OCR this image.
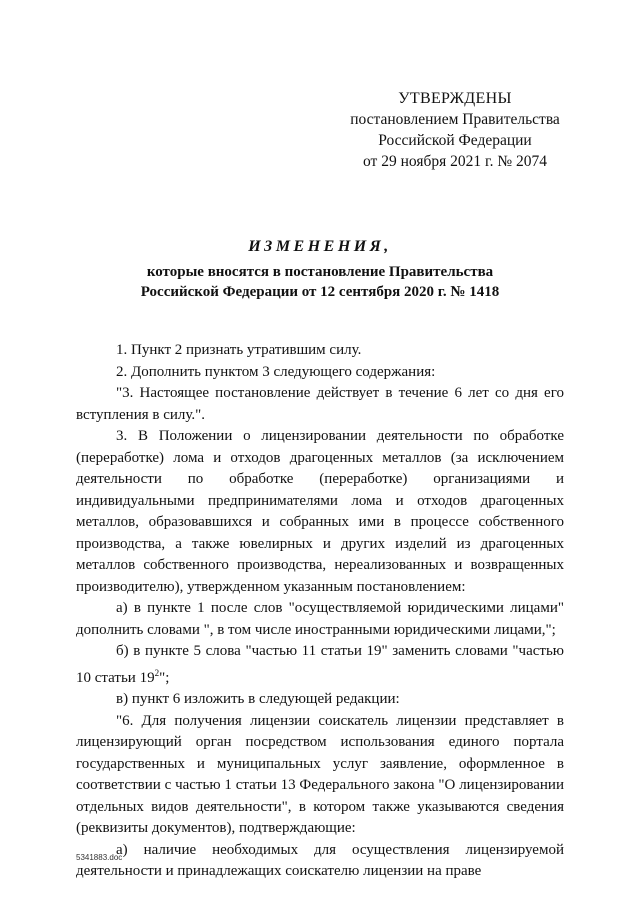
УТВЕРЖДЕНЫ
постановлением Правительства
Российской Федерации
от 29 ноября 2021 г. № 2074
ИЗМЕНЕНИЯ,
которые вносятся в постановление Правительства
Российской Федерации от 12 сентября 2020 г. № 1418
1. Пункт 2 признать утратившим силу.
2. Дополнить пунктом 3 следующего содержания:
"3. Настоящее постановление действует в течение 6 лет со дня его вступления в силу.".
3. В Положении о лицензировании деятельности по обработке (переработке) лома и отходов драгоценных металлов (за исключением деятельности по обработке (переработке) организациями и индивидуальными предпринимателями лома и отходов драгоценных металлов, образовавшихся и собранных ими в процессе собственного производства, а также ювелирных и других изделий из драгоценных металлов собственного производства, нереализованных и возвращенных производителю), утвержденном указанным постановлением:
а) в пункте 1 после слов "осуществляемой юридическими лицами" дополнить словами ", в том числе иностранными юридическими лицами,";
б) в пункте 5 слова "частью 11 статьи 19" заменить словами "частью 10 статьи $19^2$";
в) пункт 6 изложить в следующей редакции:
"6. Для получения лицензии соискатель лицензии представляет в лицензирующий орган посредством использования единого портала государственных и муниципальных услуг заявление, оформленное в соответствии с частью 1 статьи 13 Федерального закона "О лицензировании отдельных видов деятельности", в котором также указываются сведения (реквизиты документов), подтверждающие:
а) наличие необходимых для осуществления лицензируемой деятельности и принадлежащих соискателю лицензии на праве
5341883.doc
